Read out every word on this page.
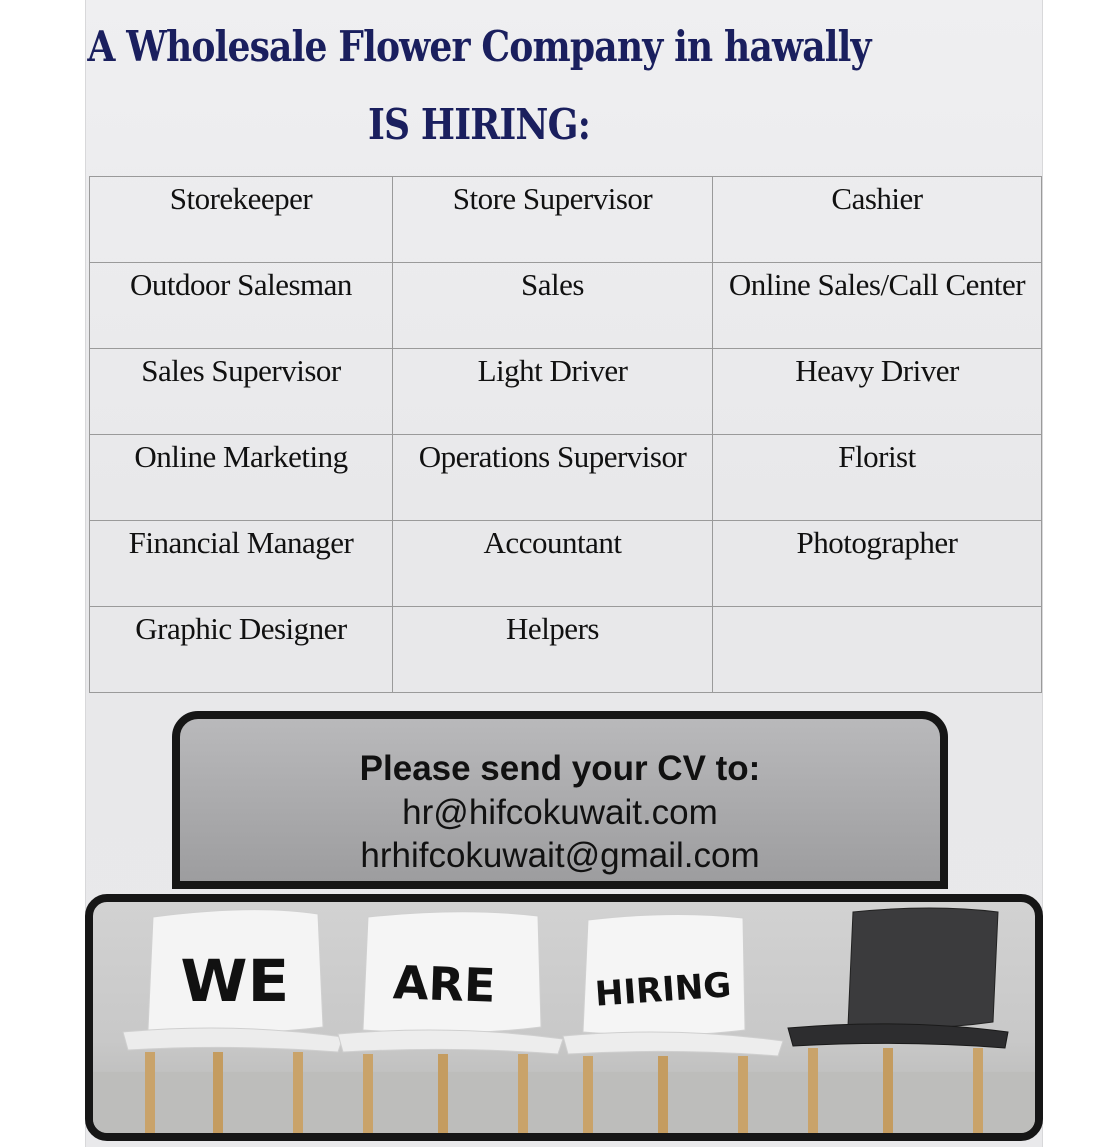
A Wholesale Flower Company in hawally
IS HIRING:
Storekeeper	Store Supervisor	Cashier
Outdoor Salesman	Sales	Online Sales/Call Center
Sales Supervisor	Light Driver	Heavy Driver
Online Marketing	Operations Supervisor	Florist
Financial Manager	Accountant	Photographer
Graphic Designer	Helpers	
Please send your CV to:
hr@hifcokuwait.com
hrhifcokuwait@gmail.com
WE ARE	HIRING
